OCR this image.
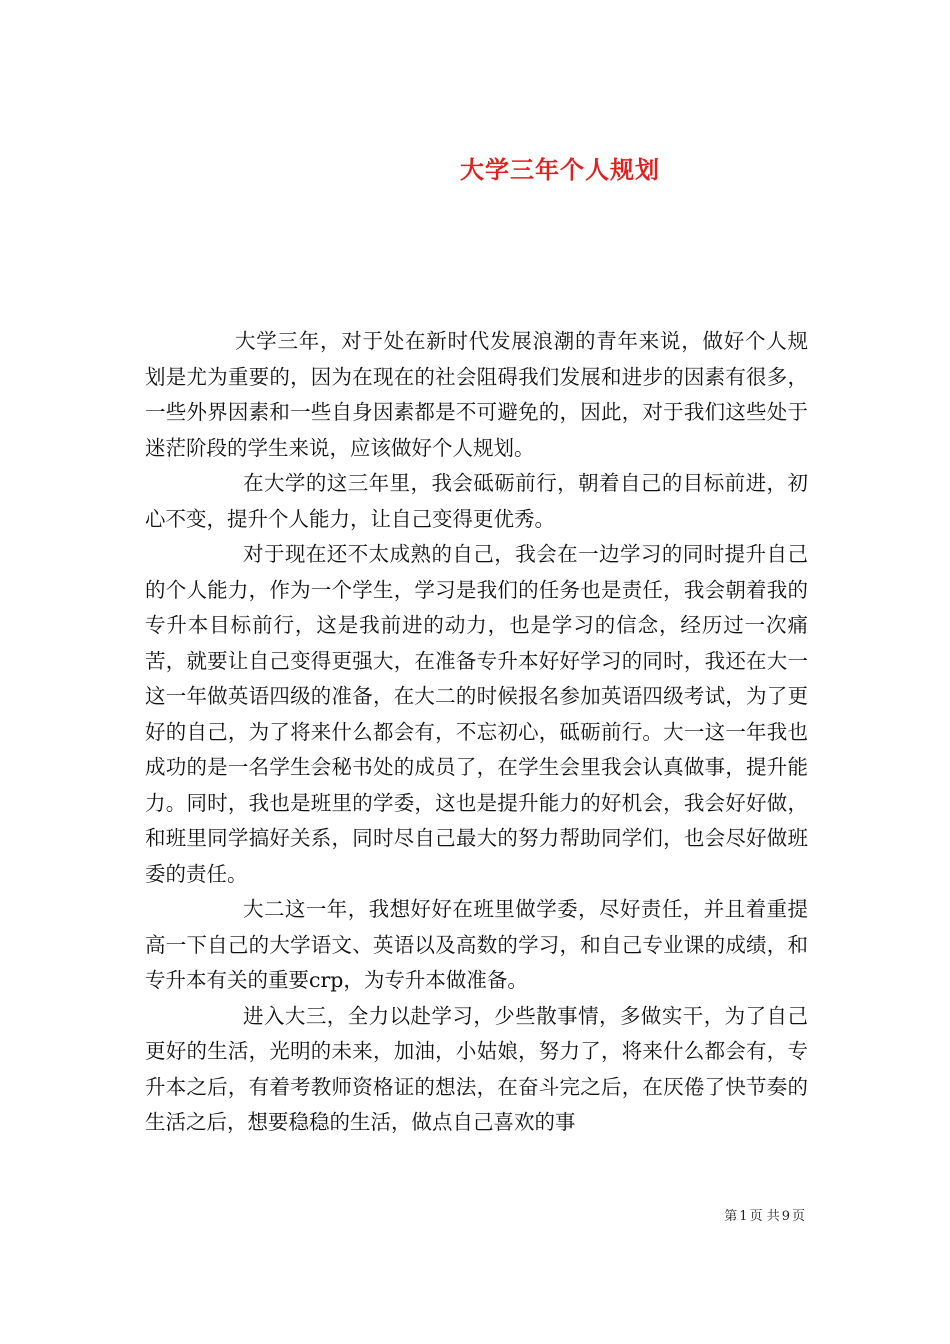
大学三年个人规划

大学三年，对于处在新时代发展浪潮的青年来说，做好个人规划是尤为重要的，因为在现在的社会阻碍我们发展和进步的因素有很多，一些外界因素和一些自身因素都是不可避免的，因此，对于我们这些处于迷茫阶段的学生来说，应该做好个人规划。

在大学的这三年里，我会砥砺前行，朝着自己的目标前进，初心不变，提升个人能力，让自己变得更优秀。

对于现在还不太成熟的自己，我会在一边学习的同时提升自己的个人能力，作为一个学生，学习是我们的任务也是责任，我会朝着我的专升本目标前行，这是我前进的动力，也是学习的信念，经历过一次痛苦，就要让自己变得更强大，在准备专升本好好学习的同时，我还在大一这一年做英语四级的准备，在大二的时候报名参加英语四级考试，为了更好的自己，为了将来什么都会有，不忘初心，砥砺前行。大一这一年我也成功的是一名学生会秘书处的成员了，在学生会里我会认真做事，提升能力。同时，我也是班里的学委，这也是提升能力的好机会，我会好好做，和班里同学搞好关系，同时尽自己最大的努力帮助同学们，也会尽好做班委的责任。

大二这一年，我想好好在班里做学委，尽好责任，并且着重提高一下自己的大学语文、英语以及高数的学习，和自己专业课的成绩，和专升本有关的重要crp，为专升本做准备。

进入大三，全力以赴学习，少些散事情，多做实干，为了自己更好的生活，光明的未来，加油，小姑娘，努力了，将来什么都会有，专升本之后，有着考教师资格证的想法，在奋斗完之后，在厌倦了快节奏的生活之后，想要稳稳的生活，做点自己喜欢的事

第 1 页 共 9 页
